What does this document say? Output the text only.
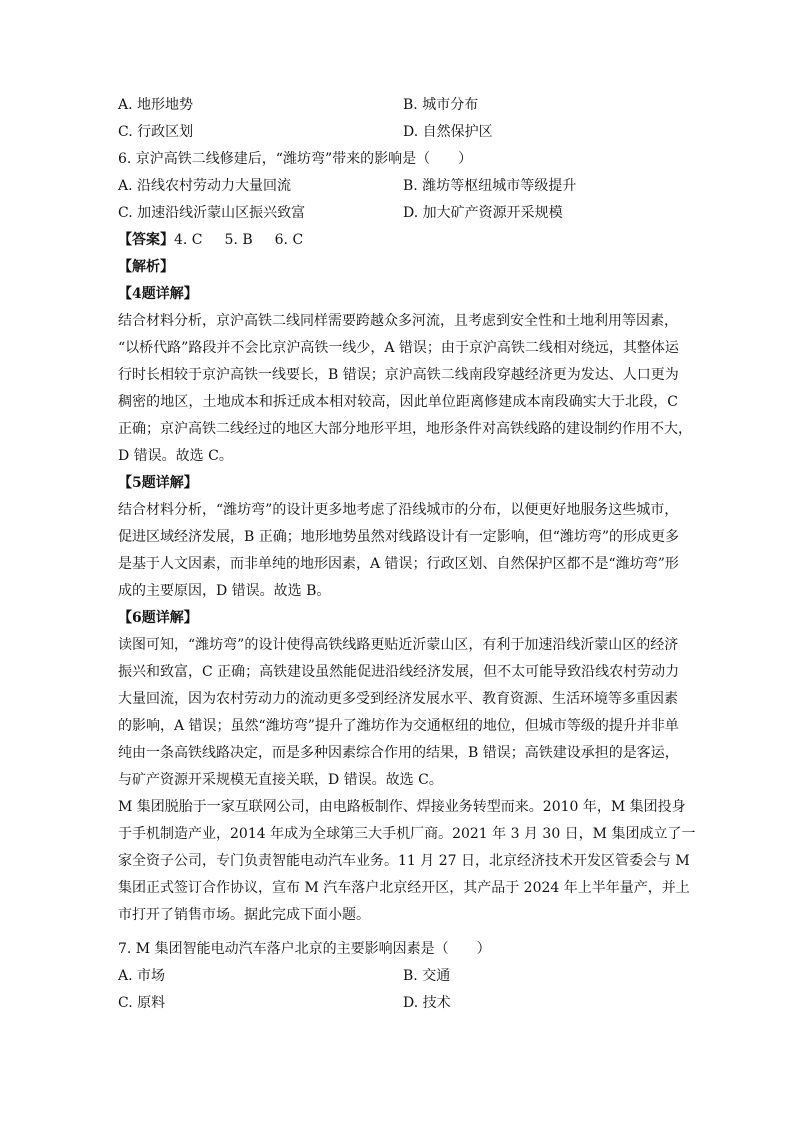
A. 地形地势	B. 城市分布
C. 行政区划	D. 自然保护区
6. 京沪高铁二线修建后，“潍坊弯”带来的影响是（　　）
A. 沿线农村劳动力大量回流	B. 潍坊等枢纽城市等级提升
C. 加速沿线沂蒙山区振兴致富	D. 加大矿产资源开采规模
【答案】4. C 5. B 6. C
【解析】
【4题详解】
结合材料分析，京沪高铁二线同样需要跨越众多河流，且考虑到安全性和土地利用等因素，
“以桥代路”路段并不会比京沪高铁一线少，A 错误；由于京沪高铁二线相对绕远，其整体运
行时长相较于京沪高铁一线要长，B 错误；京沪高铁二线南段穿越经济更为发达、人口更为
稠密的地区，土地成本和拆迁成本相对较高，因此单位距离修建成本南段确实大于北段，C
正确；京沪高铁二线经过的地区大部分地形平坦，地形条件对高铁线路的建设制约作用不大，
D 错误。故选 C。
【5题详解】
结合材料分析，“潍坊弯”的设计更多地考虑了沿线城市的分布，以便更好地服务这些城市，
促进区域经济发展，B 正确；地形地势虽然对线路设计有一定影响，但“潍坊弯”的形成更多
是基于人文因素，而非单纯的地形因素，A 错误；行政区划、自然保护区都不是“潍坊弯”形
成的主要原因，D 错误。故选 B。
【6题详解】
读图可知，“潍坊弯”的设计使得高铁线路更贴近沂蒙山区，有利于加速沿线沂蒙山区的经济
振兴和致富，C 正确；高铁建设虽然能促进沿线经济发展，但不太可能导致沿线农村劳动力
大量回流，因为农村劳动力的流动更多受到经济发展水平、教育资源、生活环境等多重因素
的影响，A 错误；虽然“潍坊弯”提升了潍坊作为交通枢纽的地位，但城市等级的提升并非单
纯由一条高铁线路决定，而是多种因素综合作用的结果，B 错误；高铁建设承担的是客运，
与矿产资源开采规模无直接关联，D 错误。故选 C。
M 集团脱胎于一家互联网公司，由电路板制作、焊接业务转型而来。2010 年，M 集团投身
于手机制造产业，2014 年成为全球第三大手机厂商。2021 年 3 月 30 日，M 集团成立了一
家全资子公司，专门负责智能电动汽车业务。11 月 27 日，北京经济技术开发区管委会与 M
集团正式签订合作协议，宣布 M 汽车落户北京经开区，其产品于 2024 年上半年量产，并上
市打开了销售市场。据此完成下面小题。
7. M 集团智能电动汽车落户北京的主要影响因素是（　　）
A. 市场	B. 交通
C. 原料	D. 技术
